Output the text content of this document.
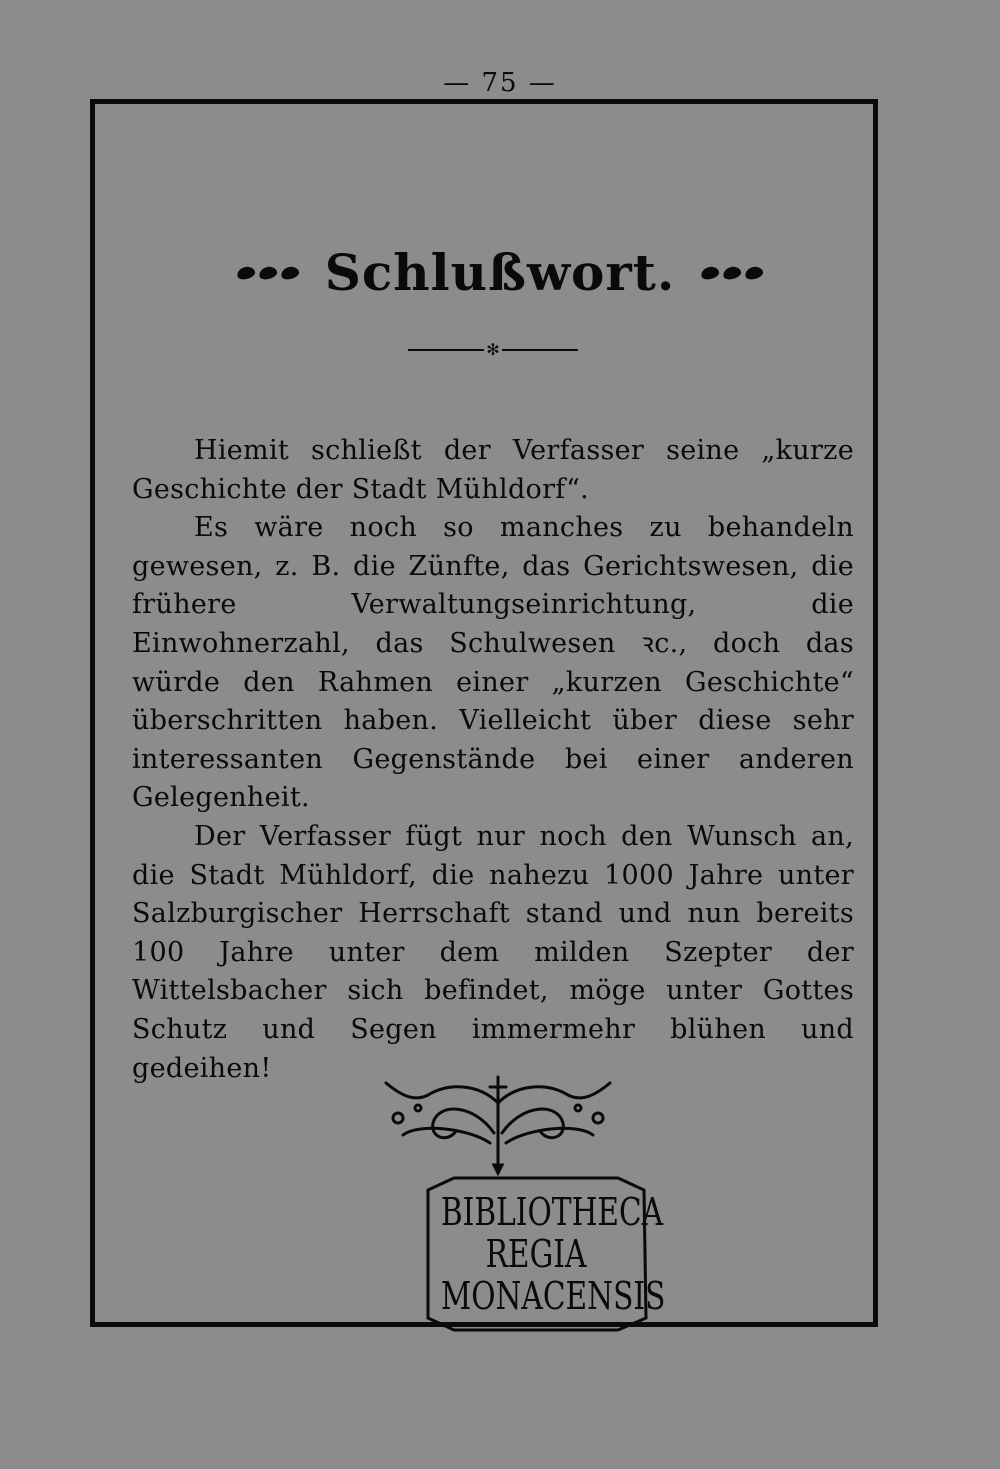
— 75 —
Schlußwort.
✻

Hiemit schließt der Verfasser seine „kurze Geschichte der Stadt Mühldorf“.

Es wäre noch so manches zu behandeln gewesen, z. B. die Zünfte, das Gerichtswesen, die frühere Verwaltungseinrichtung, die Einwohnerzahl, das Schulwesen ꝛc., doch das würde den Rahmen einer „kurzen Geschichte“ überschritten haben. Vielleicht über diese sehr interessanten Gegenstände bei einer anderen Gelegenheit.

Der Verfasser fügt nur noch den Wunsch an, die Stadt Mühldorf, die nahezu 1000 Jahre unter Salzburgischer Herrschaft stand und nun bereits 100 Jahre unter dem milden Szepter der Wittelsbacher sich befindet, möge unter Gottes Schutz und Segen immermehr blühen und gedeihen!

BIBLIOTHECA
REGIA
MONACENSIS
